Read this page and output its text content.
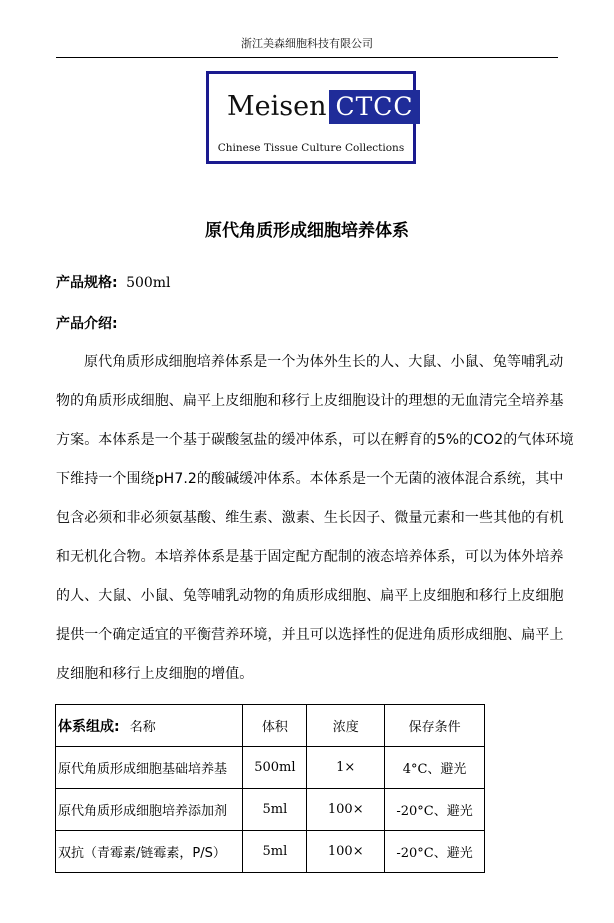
浙江美森细胞科技有限公司
Meisen CTCC
Chinese Tissue Culture Collections
原代角质形成细胞培养体系
产品规格: 500ml
产品介绍:
原代角质形成细胞培养体系是一个为体外生长的人、大鼠、小鼠、兔等哺乳动物的角质形成细胞、扁平上皮细胞和移行上皮细胞设计的理想的无血清完全培养基方案。本体系是一个基于碳酸氢盐的缓冲体系，可以在孵育的5%的CO2的气体环境下维持一个围绕pH7.2的酸碱缓冲体系。本体系是一个无菌的液体混合系统，其中包含必须和非必须氨基酸、维生素、激素、生长因子、微量元素和一些其他的有机和无机化合物。本培养体系是基于固定配方配制的液态培养体系，可以为体外培养的人、大鼠、小鼠、兔等哺乳动物的角质形成细胞、扁平上皮细胞和移行上皮细胞提供一个确定适宜的平衡营养环境，并且可以选择性的促进角质形成细胞、扁平上皮细胞和移行上皮细胞的增值。
体系组成: 名称	体积	浓度	保存条件
原代角质形成细胞基础培养基	500ml	1×	4°C、避光
原代角质形成细胞培养添加剂	5ml	100×	-20°C、避光
双抗（青霉素/链霉素，P/S）	5ml	100×	-20°C、避光
